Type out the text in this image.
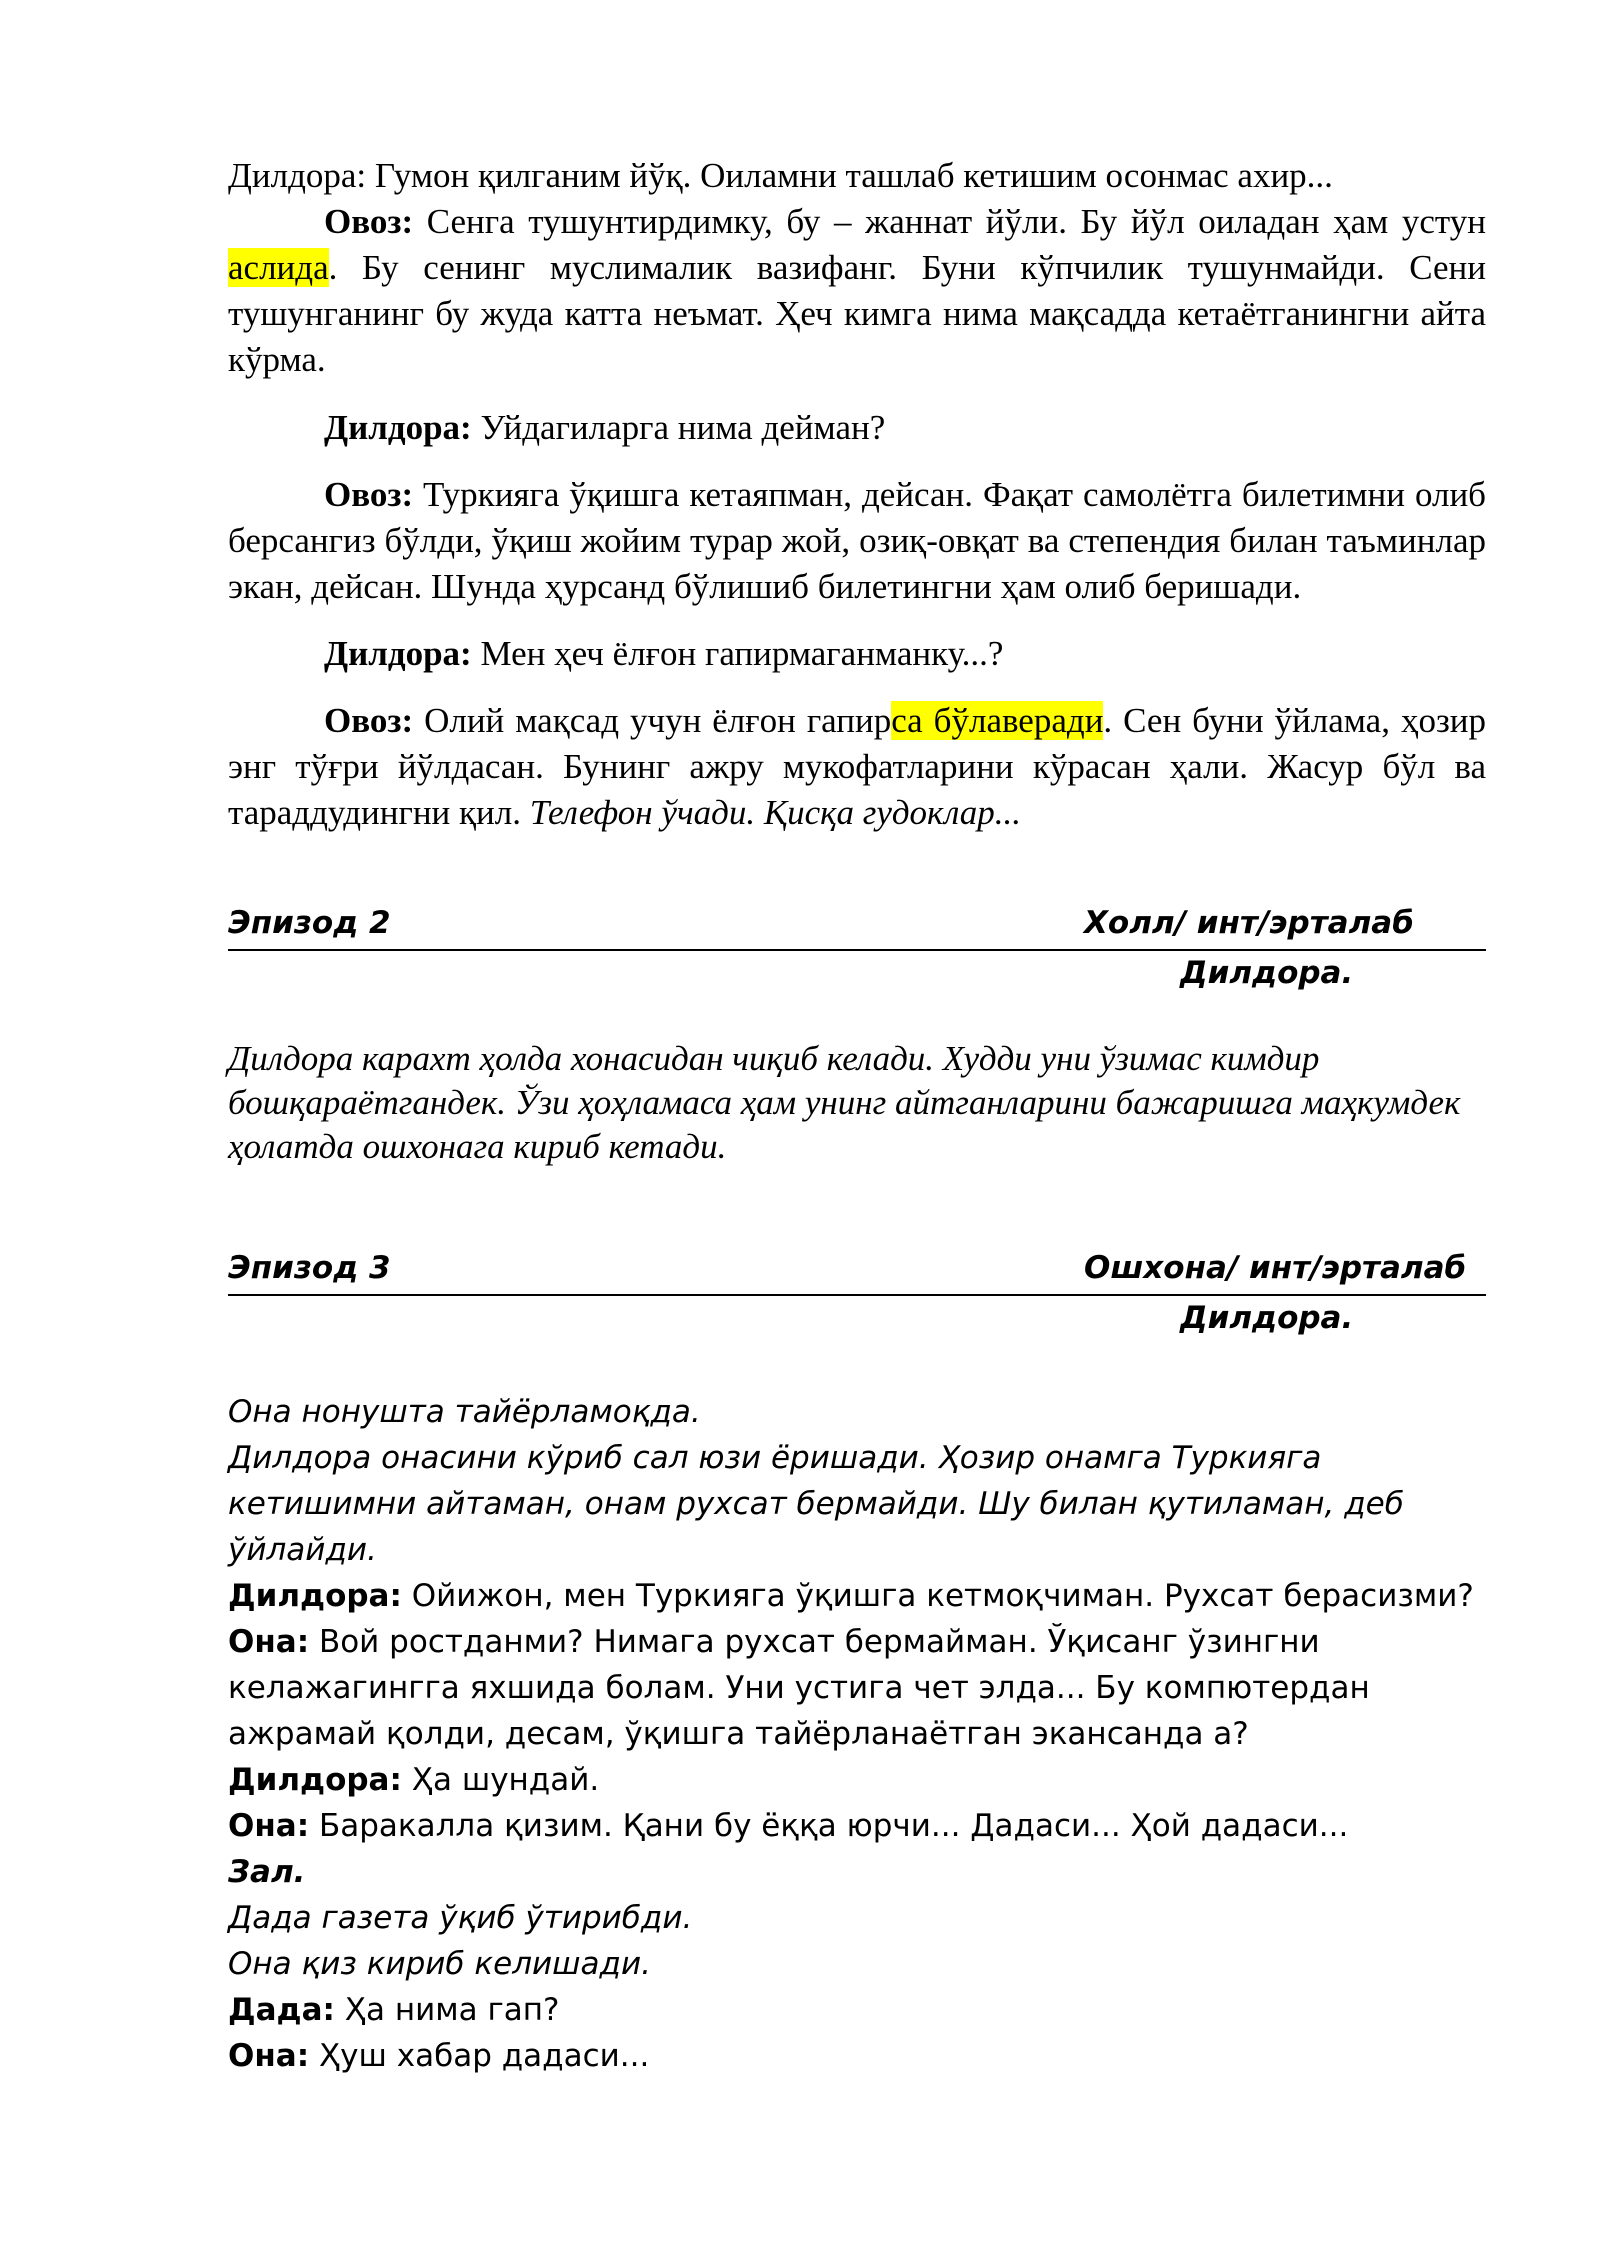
Дилдора: Гумон қилганим йўқ. Оиламни ташлаб кетишим осонмас ахир...

Овоз: Сенга тушунтирдимку, бу – жаннат йўли. Бу йўл оиладан ҳам устун аслида. Бу сенинг муслималик вазифанг. Буни кўпчилик тушунмайди. Сени тушунганинг бу жуда катта неъмат. Ҳеч кимга нима мақсадда кетаётганингни айта кўрма.

Дилдора: Уйдагиларга нима дейман?

Овоз: Туркияга ўқишга кетаяпман, дейсан. Фақат самолётга билетимни олиб берсангиз бўлди, ўқиш жойим турар жой, озиқ-овқат ва степендия билан таъминлар экан, дейсан. Шунда ҳурсанд бўлишиб билетингни ҳам олиб беришади.

Дилдора: Мен ҳеч ёлғон гапирмаганманку...?

Овоз: Олий мақсад учун ёлғон гапирса бўлаверади. Сен буни ўйлама, ҳозир энг тўғри йўлдасан. Бунинг ажру мукофатларини кўрасан ҳали. Жасур бўл ва тараддудингни қил. Телефон ўчади. Қисқа гудоклар...

Эпизод 2	Холл/ инт/эрталаб
Дилдора.

Дилдора карахт ҳолда хонасидан чиқиб келади. Худди уни ўзимас кимдир бошқараётгандек. Ўзи ҳоҳламаса ҳам унинг айтганларини бажаришга маҳкумдек ҳолатда ошхонага кириб кетади.

Эпизод 3	Ошхона/ инт/эрталаб
Дилдора.

Она нонушта тайёрламоқда.

Дилдора онасини кўриб сал юзи ёришади. Ҳозир онамга Туркияга кетишимни айтаман, онам рухсат бермайди. Шу билан қутиламан, деб ўйлайди.

Дилдора: Ойижон, мен Туркияга ўқишга кетмоқчиман. Рухсат берасизми?

Она: Вой ростданми? Нимага рухсат бермайман. Ўқисанг ўзингни келажагингга яхшида болам. Уни устига чет элда... Бу компютердан ажрамай қолди, десам, ўқишга тайёрланаётган экансанда а?

Дилдора: Ҳа шундай.

Она: Баракалла қизим. Қани бу ёққа юрчи... Дадаси... Ҳой дадаси...

Зал.

Дада газета ўқиб ўтирибди.

Она қиз кириб келишади.

Дада: Ҳа нима гап?

Она: Ҳуш хабар дадаси...
